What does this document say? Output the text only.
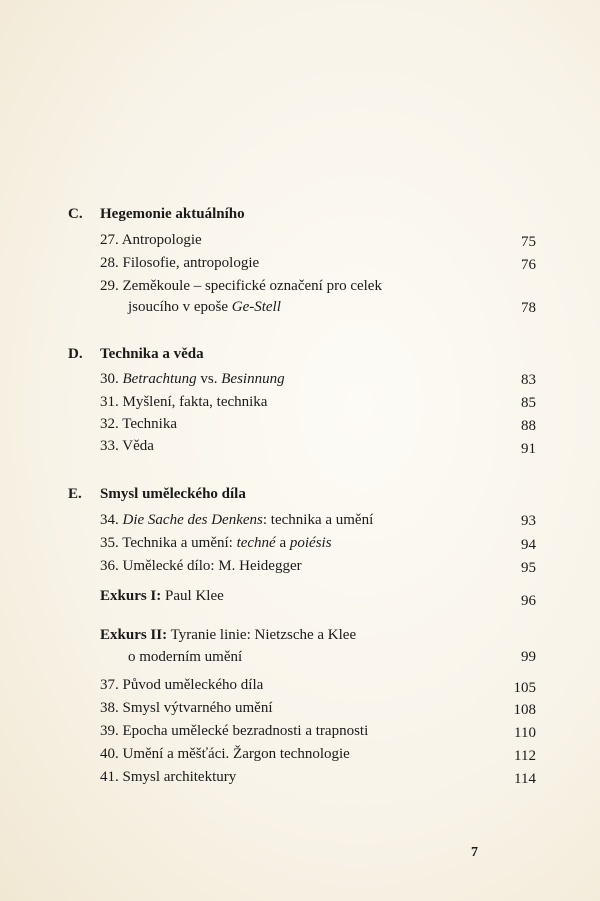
C. Hegemonie aktuálního
27. Antropologie	75
28. Filosofie, antropologie	76
29. Zeměkoule – specifické označení pro celek
jsoucího v epoše Ge-Stell	78
D. Technika a věda
30. Betrachtung vs. Besinnung	83
31. Myšlení, fakta, technika	85
32. Technika	88
33. Věda	91
E. Smysl uměleckého díla
34. Die Sache des Denkens: technika a umění	93
35. Technika a umění: techné a poiésis	94
36. Umělecké dílo: M. Heidegger	95
Exkurs I: Paul Klee	96
Exkurs II: Tyranie linie: Nietzsche a Klee
o moderním umění	99
37. Původ uměleckého díla	105
38. Smysl výtvarného umění	108
39. Epocha umělecké bezradnosti a trapnosti	110
40. Umění a měšťáci. Žargon technologie	112
41. Smysl architektury	114
7
